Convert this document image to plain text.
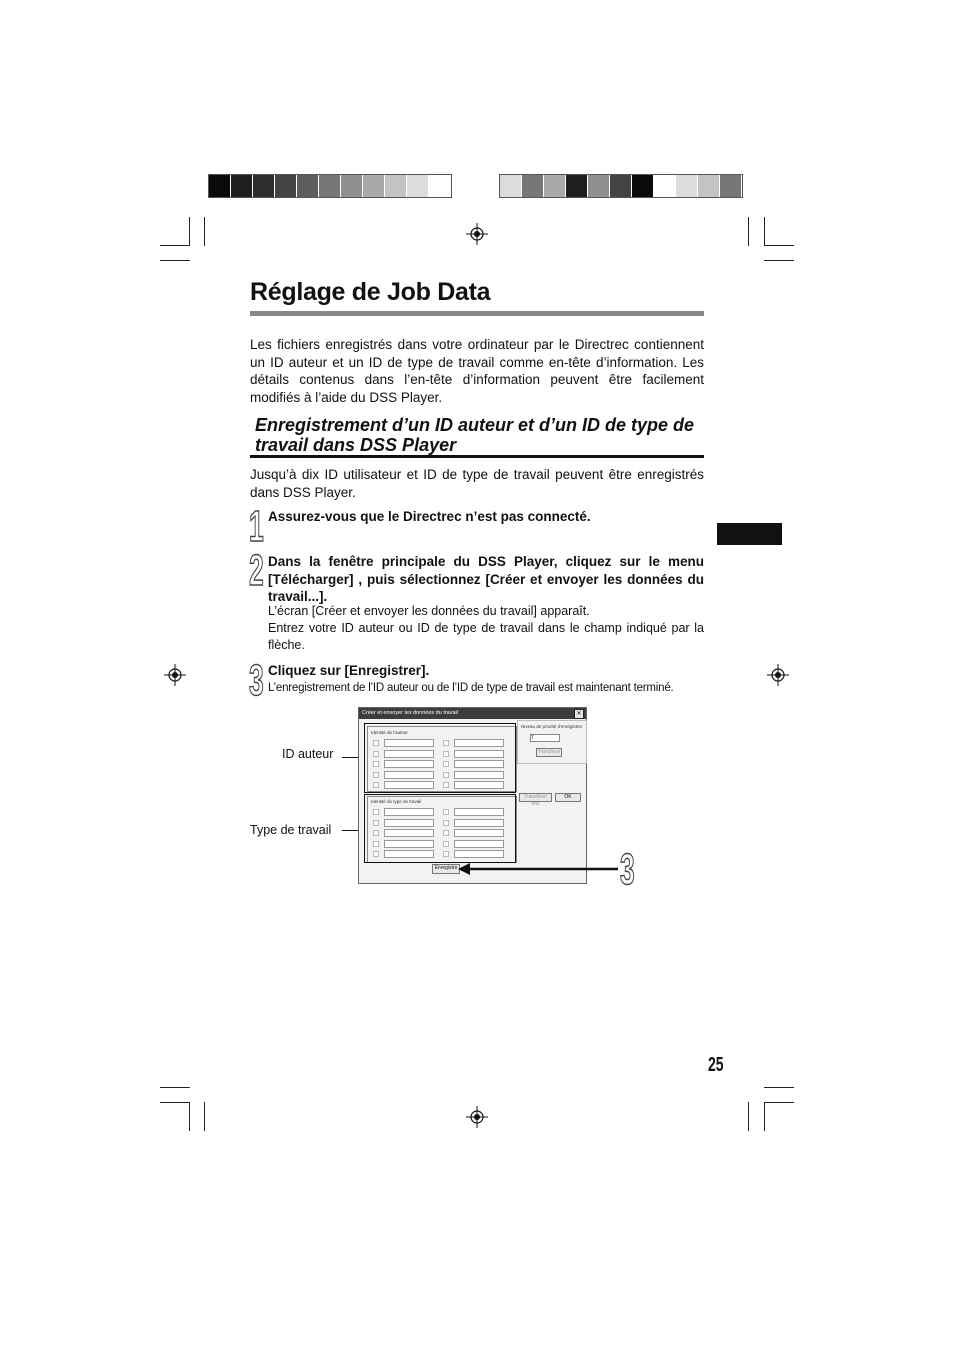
Réglage de Job Data
Les fichiers enregistrés dans votre ordinateur par le Directrec contiennent un ID auteur et un ID de type de travail comme en-tête d’information. Les détails contenus dans l’en-tête d’information peuvent être facilement modifiés à l’aide du DSS Player.
Enregistrement d’un ID auteur et d’un ID de type de travail dans DSS Player
Jusqu’à dix ID utilisateur et ID de type de travail peuvent être enregistrés dans DSS Player.
1 Assurez-vous que le Directrec n’est pas connecté.
2 Dans la fenêtre principale du DSS Player, cliquez sur le menu [Télécharger] , puis sélectionnez [Créer et envoyer les données du travail...].
L’écran [Créer et envoyer les données du travail] apparaît.
Entrez votre ID auteur ou ID de type de travail dans le champ indiqué par la flèche.
3 Cliquez sur [Enregistrer].
L’enregistrement de l’ID auteur ou de l’ID de type de travail est maintenant terminé.
ID auteur
Type de travail
Créer et envoyer les données du travail	✕
Identité de l'auteur
Identité du type de travail
Niveau de priorité d'enregistrer
7
Transférer
Transférer tout
OK
Enregistre	3
25
